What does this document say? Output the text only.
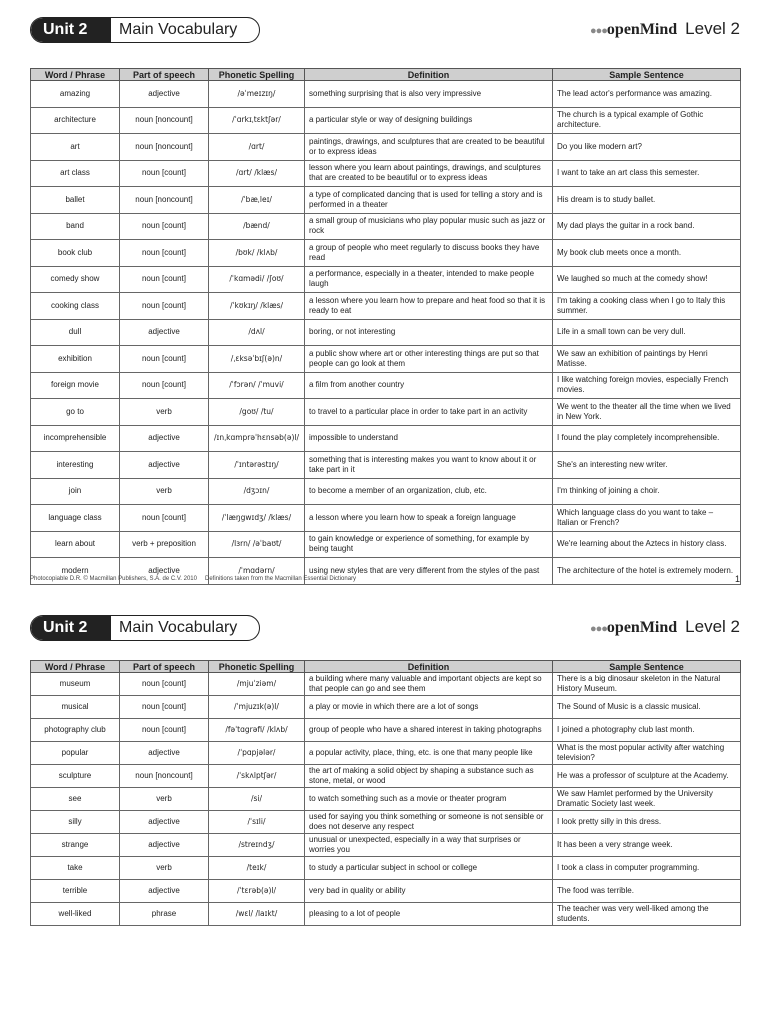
Unit 2	Main Vocabulary	●●●openMind Level 2
Word / Phrase	Part of speech	Phonetic Spelling	Definition	Sample Sentence
amazing	adjective	/əˈmeɪzɪŋ/	something surprising that is also very impressive	The lead actor's performance was amazing.
architecture	noun [noncount]	/ˈɑrkɪˌtɛktʃər/	a particular style or way of designing buildings	The church is a typical example of Gothic architecture.
art	noun [noncount]	/ɑrt/	paintings, drawings, and sculptures that are created to be beautiful or to express ideas	Do you like modern art?
art class	noun [count]	/ɑrt/ /klæs/	lesson where you learn about paintings, drawings, and sculptures that are created to be beautiful or to express ideas	I want to take an art class this semester.
ballet	noun [noncount]	/ˈbæˌleɪ/	a type of complicated dancing that is used for telling a story and is performed in a theater	His dream is to study ballet.
band	noun [count]	/bænd/	a small group of musicians who play popular music such as jazz or rock	My dad plays the guitar in a rock band.
book club	noun [count]	/bʊk/ /klʌb/	a group of people who meet regularly to discuss books they have read	My book club meets once a month.
comedy show	noun [count]	/ˈkɑmədi/ /ʃoʊ/	a performance, especially in a theater, intended to make people laugh	We laughed so much at the comedy show!
cooking class	noun [count]	/ˈkʊkɪŋ/ /klæs/	a lesson where you learn how to prepare and heat food so that it is ready to eat	I'm taking a cooking class when I go to Italy this summer.
dull	adjective	/dʌl/	boring, or not interesting	Life in a small town can be very dull.
exhibition	noun [count]	/ˌɛksəˈbɪʃ(ə)n/	a public show where art or other interesting things are put so that people can go look at them	We saw an exhibition of paintings by Henri Matisse.
foreign movie	noun [count]	/ˈfɔrən/ /ˈmuvi/	a film from another country	I like watching foreign movies, especially French movies.
go to	verb	/goʊ/ /tu/	to travel to a particular place in order to take part in an activity	We went to the theater all the time when we lived in New York.
incomprehensible	adjective	/ɪnˌkɑmprəˈhɛnsəb(ə)l/	impossible to understand	I found the play completely incomprehensible.
interesting	adjective	/ˈɪntərəstɪŋ/	something that is interesting makes you want to know about it or take part in it	She's an interesting new writer.
join	verb	/dʒɔɪn/	to become a member of an organization, club, etc.	I'm thinking of joining a choir.
language class	noun [count]	/ˈlæŋgwɪdʒ/ /klæs/	a lesson where you learn how to speak a foreign language	Which language class do you want to take – Italian or French?
learn about	verb + preposition	/lɜrn/ /əˈbaʊt/	to gain knowledge or experience of something, for example by being taught	We're learning about the Aztecs in history class.
modern	adjective	/ˈmɑdərn/	using new styles that are very different from the styles of the past	The architecture of the hotel is extremely modern.
Photocopiable D.R. © Macmillan Publishers, S.A. de C.V. 2010 Definitions taken from the Macmillan Essential Dictionary	1
Unit 2	Main Vocabulary	●●●openMind Level 2
Word / Phrase	Part of speech	Phonetic Spelling	Definition	Sample Sentence
museum	noun [count]	/mjuˈziəm/	a building where many valuable and important objects are kept so that people can go and see them	There is a big dinosaur skeleton in the Natural History Museum.
musical	noun [count]	/ˈmjuzɪk(ə)l/	a play or movie in which there are a lot of songs	The Sound of Music is a classic musical.
photography club	noun [count]	/fəˈtɑgrəfi/ /klʌb/	group of people who have a shared interest in taking photographs	I joined a photography club last month.
popular	adjective	/ˈpɑpjələr/	a popular activity, place, thing, etc. is one that many people like	What is the most popular activity after watching television?
sculpture	noun [noncount]	/ˈskʌlptʃər/	the art of making a solid object by shaping a substance such as stone, metal, or wood	He was a professor of sculpture at the Academy.
see	verb	/si/	to watch something such as a movie or theater program	We saw Hamlet performed by the University Dramatic Society last week.
silly	adjective	/ˈsɪli/	used for saying you think something or someone is not sensible or does not deserve any respect	I look pretty silly in this dress.
strange	adjective	/streɪndʒ/	unusual or unexpected, especially in a way that surprises or worries you	It has been a very strange week.
take	verb	/teɪk/	to study a particular subject in school or college	I took a class in computer programming.
terrible	adjective	/ˈtɛrəb(ə)l/	very bad in quality or ability	The food was terrible.
well-liked	phrase	/wɛl/ /laɪkt/	pleasing to a lot of people	The teacher was very well-liked among the students.
